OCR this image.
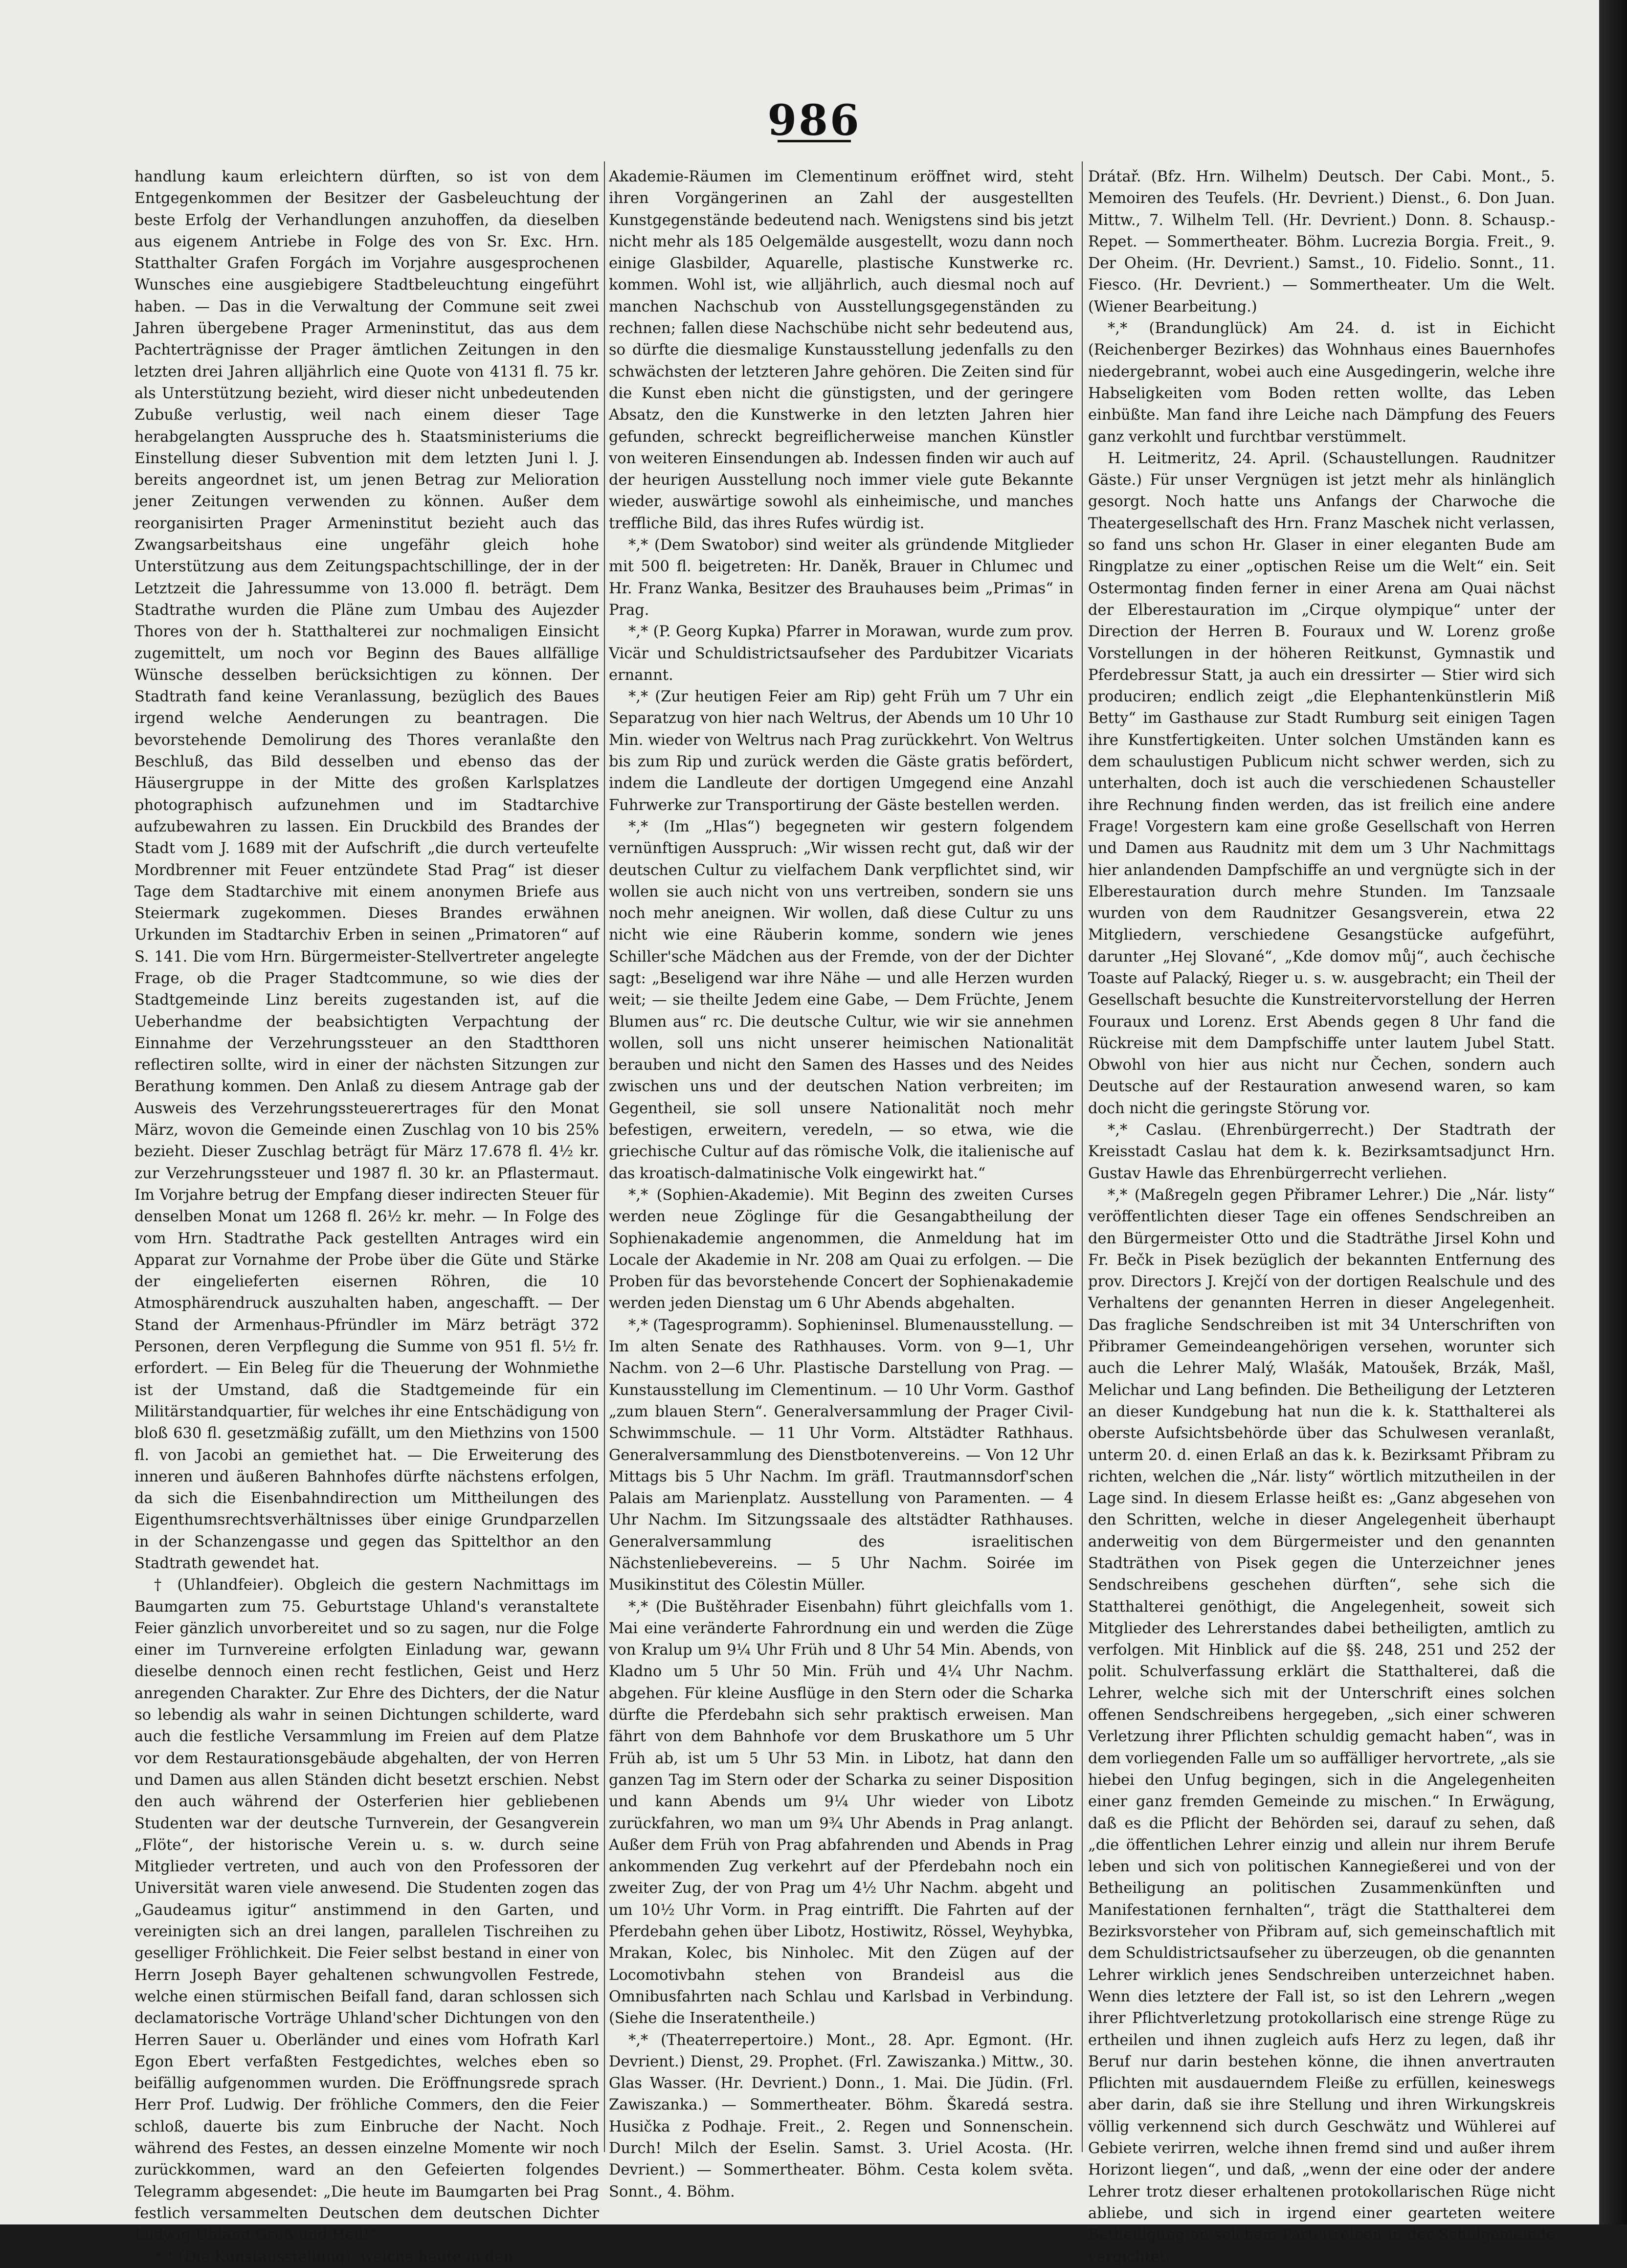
986

handlung kaum erleichtern dürften, so ist von dem Entgegenkommen der Besitzer der Gasbeleuchtung der beste Erfolg der Verhandlungen anzuhoffen, da dieselben aus eigenem Antriebe in Folge des von Sr. Exc. Hrn. Statthalter Grafen Forgách im Vorjahre ausgesprochenen Wunsches eine ausgiebigere Stadtbeleuchtung eingeführt haben. — Das in die Verwaltung der Commune seit zwei Jahren übergebene Prager Armeninstitut, das aus dem Pachterträgnisse der Prager ämtlichen Zeitungen in den letzten drei Jahren alljährlich eine Quote von 4131 fl. 75 kr. als Unterstützung bezieht, wird dieser nicht unbedeutenden Zubuße verlustig, weil nach einem dieser Tage herabgelangten Ausspruche des h. Staatsministeriums die Einstellung dieser Subvention mit dem letzten Juni l. J. bereits angeordnet ist, um jenen Betrag zur Melioration jener Zeitungen verwenden zu können. Außer dem reorganisirten Prager Armeninstitut bezieht auch das Zwangsarbeitshaus eine ungefähr gleich hohe Unterstützung aus dem Zeitungspachtschillinge, der in der Letztzeit die Jahressumme von 13.000 fl. beträgt. Dem Stadtrathe wurden die Pläne zum Umbau des Aujezder Thores von der h. Statthalterei zur nochmaligen Einsicht zugemittelt, um noch vor Beginn des Baues allfällige Wünsche desselben berücksichtigen zu können. Der Stadtrath fand keine Veranlassung, bezüglich des Baues irgend welche Aenderungen zu beantragen. Die bevorstehende Demolirung des Thores veranlaßte den Beschluß, das Bild desselben und ebenso das der Häusergruppe in der Mitte des großen Karlsplatzes photographisch aufzunehmen und im Stadtarchive aufzubewahren zu lassen. Ein Druckbild des Brandes der Stadt vom J. 1689 mit der Aufschrift „die durch verteufelte Mordbrenner mit Feuer entzündete Stad Prag“ ist dieser Tage dem Stadtarchive mit einem anonymen Briefe aus Steiermark zugekommen. Dieses Brandes erwähnen Urkunden im Stadtarchiv Erben in seinen „Primatoren“ auf S. 141. Die vom Hrn. Bürgermeister-Stellvertreter angelegte Frage, ob die Prager Stadtcommune, so wie dies der Stadtgemeinde Linz bereits zugestanden ist, auf die Ueberhandme der beabsichtigten Verpachtung der Einnahme der Verzehrungssteuer an den Stadtthoren reflectiren sollte, wird in einer der nächsten Sitzungen zur Berathung kommen. Den Anlaß zu diesem Antrage gab der Ausweis des Verzehrungssteuerertrages für den Monat März, wovon die Gemeinde einen Zuschlag von 10 bis 25% bezieht. Dieser Zuschlag beträgt für März 17.678 fl. 4½ kr. zur Verzehrungssteuer und 1987 fl. 30 kr. an Pflastermaut. Im Vorjahre betrug der Empfang dieser indirecten Steuer für denselben Monat um 1268 fl. 26½ kr. mehr. — In Folge des vom Hrn. Stadtrathe Pack gestellten Antrages wird ein Apparat zur Vornahme der Probe über die Güte und Stärke der eingelieferten eisernen Röhren, die 10 Atmosphärendruck auszuhalten haben, angeschafft. — Der Stand der Armenhaus-Pfründler im März beträgt 372 Personen, deren Verpflegung die Summe von 951 fl. 5½ fr. erfordert. — Ein Beleg für die Theuerung der Wohnmiethe ist der Umstand, daß die Stadtgemeinde für ein Militärstandquartier, für welches ihr eine Entschädigung von bloß 630 fl. gesetzmäßig zufällt, um den Miethzins von 1500 fl. von Jacobi an gemiethet hat. — Die Erweiterung des inneren und äußeren Bahnhofes dürfte nächstens erfolgen, da sich die Eisenbahndirection um Mittheilungen des Eigenthumsrechtsverhältnisses über einige Grundparzellen in der Schanzengasse und gegen das Spittelthor an den Stadtrath gewendet hat.

† (Uhlandfeier). Obgleich die gestern Nachmittags im Baumgarten zum 75. Geburtstage Uhland's veranstaltete Feier gänzlich unvorbereitet und so zu sagen, nur die Folge einer im Turnvereine erfolgten Einladung war, gewann dieselbe dennoch einen recht festlichen, Geist und Herz anregenden Charakter. Zur Ehre des Dichters, der die Natur so lebendig als wahr in seinen Dichtungen schilderte, ward auch die festliche Versammlung im Freien auf dem Platze vor dem Restaurationsgebäude abgehalten, der von Herren und Damen aus allen Ständen dicht besetzt erschien. Nebst den auch während der Osterferien hier gebliebenen Studenten war der deutsche Turnverein, der Gesangverein „Flöte“, der historische Verein u. s. w. durch seine Mitglieder vertreten, und auch von den Professoren der Universität waren viele anwesend. Die Studenten zogen das „Gaudeamus igitur“ anstimmend in den Garten, und vereinigten sich an drei langen, parallelen Tischreihen zu geselliger Fröhlichkeit. Die Feier selbst bestand in einer von Herrn Joseph Bayer gehaltenen schwungvollen Festrede, welche einen stürmischen Beifall fand, daran schlossen sich declamatorische Vorträge Uhland'scher Dichtungen von den Herren Sauer u. Oberländer und eines vom Hofrath Karl Egon Ebert verfaßten Festgedichtes, welches eben so beifällig aufgenommen wurden. Die Eröffnungsrede sprach Herr Prof. Ludwig. Der fröhliche Commers, den die Feier schloß, dauerte bis zum Einbruche der Nacht. Noch während des Festes, an dessen einzelne Momente wir noch zurückkommen, ward an den Gefeierten folgendes Telegramm abgesendet: „Die heute im Baumgarten bei Prag festlich versammelten Deutschen dem deutschen Dichter Ludwig Uhland Gruß und Heil!“

*,* (Die Kunstausstellung), welche heute in den

Akademie-Räumen im Clementinum eröffnet wird, steht ihren Vorgängerinen an Zahl der ausgestellten Kunstgegenstände bedeutend nach. Wenigstens sind bis jetzt nicht mehr als 185 Oelgemälde ausgestellt, wozu dann noch einige Glasbilder, Aquarelle, plastische Kunstwerke rc. kommen. Wohl ist, wie alljährlich, auch diesmal noch auf manchen Nachschub von Ausstellungsgegenständen zu rechnen; fallen diese Nachschübe nicht sehr bedeutend aus, so dürfte die diesmalige Kunstausstellung jedenfalls zu den schwächsten der letzteren Jahre gehören. Die Zeiten sind für die Kunst eben nicht die günstigsten, und der geringere Absatz, den die Kunstwerke in den letzten Jahren hier gefunden, schreckt begreiflicherweise manchen Künstler von weiteren Einsendungen ab. Indessen finden wir auch auf der heurigen Ausstellung noch immer viele gute Bekannte wieder, auswärtige sowohl als einheimische, und manches treffliche Bild, das ihres Rufes würdig ist.

*,* (Dem Swatobor) sind weiter als gründende Mitglieder mit 500 fl. beigetreten: Hr. Daněk, Brauer in Chlumec und Hr. Franz Wanka, Besitzer des Brauhauses beim „Primas“ in Prag.

*,* (P. Georg Kupka) Pfarrer in Morawan, wurde zum prov. Vicär und Schuldistrictsaufseher des Pardubitzer Vicariats ernannt.

*,* (Zur heutigen Feier am Rip) geht Früh um 7 Uhr ein Separatzug von hier nach Weltrus, der Abends um 10 Uhr 10 Min. wieder von Weltrus nach Prag zurückkehrt. Von Weltrus bis zum Rip und zurück werden die Gäste gratis befördert, indem die Landleute der dortigen Umgegend eine Anzahl Fuhrwerke zur Transportirung der Gäste bestellen werden.

*,* (Im „Hlas“) begegneten wir gestern folgendem vernünftigen Ausspruch: „Wir wissen recht gut, daß wir der deutschen Cultur zu vielfachem Dank verpflichtet sind, wir wollen sie auch nicht von uns vertreiben, sondern sie uns noch mehr aneignen. Wir wollen, daß diese Cultur zu uns nicht wie eine Räuberin komme, sondern wie jenes Schiller'sche Mädchen aus der Fremde, von der der Dichter sagt: „Beseligend war ihre Nähe — und alle Herzen wurden weit; — sie theilte Jedem eine Gabe, — Dem Früchte, Jenem Blumen aus“ rc. Die deutsche Cultur, wie wir sie annehmen wollen, soll uns nicht unserer heimischen Nationalität berauben und nicht den Samen des Hasses und des Neides zwischen uns und der deutschen Nation verbreiten; im Gegentheil, sie soll unsere Nationalität noch mehr befestigen, erweitern, veredeln, — so etwa, wie die griechische Cultur auf das römische Volk, die italienische auf das kroatisch-dalmatinische Volk eingewirkt hat.“

*,* (Sophien-Akademie). Mit Beginn des zweiten Curses werden neue Zöglinge für die Gesangabtheilung der Sophienakademie angenommen, die Anmeldung hat im Locale der Akademie in Nr. 208 am Quai zu erfolgen. — Die Proben für das bevorstehende Concert der Sophienakademie werden jeden Dienstag um 6 Uhr Abends abgehalten.

*,* (Tagesprogramm). Sophieninsel. Blumenausstellung. — Im alten Senate des Rathhauses. Vorm. von 9—1, Uhr Nachm. von 2—6 Uhr. Plastische Darstellung von Prag. — Kunstausstellung im Clementinum. — 10 Uhr Vorm. Gasthof „zum blauen Stern“. Generalversammlung der Prager Civil-Schwimmschule. — 11 Uhr Vorm. Altstädter Rathhaus. Generalversammlung des Dienstbotenvereins. — Von 12 Uhr Mittags bis 5 Uhr Nachm. Im gräfl. Trautmannsdorf'schen Palais am Marienplatz. Ausstellung von Paramenten. — 4 Uhr Nachm. Im Sitzungssaale des altstädter Rathhauses. Generalversammlung des israelitischen Nächstenliebevereins. — 5 Uhr Nachm. Soirée im Musikinstitut des Cölestin Müller.

*,* (Die Buštěhrader Eisenbahn) führt gleichfalls vom 1. Mai eine veränderte Fahrordnung ein und werden die Züge von Kralup um 9¼ Uhr Früh und 8 Uhr 54 Min. Abends, von Kladno um 5 Uhr 50 Min. Früh und 4¼ Uhr Nachm. abgehen. Für kleine Ausflüge in den Stern oder die Scharka dürfte die Pferdebahn sich sehr praktisch erweisen. Man fährt von dem Bahnhofe vor dem Bruskathore um 5 Uhr Früh ab, ist um 5 Uhr 53 Min. in Libotz, hat dann den ganzen Tag im Stern oder der Scharka zu seiner Disposition und kann Abends um 9¼ Uhr wieder von Libotz zurückfahren, wo man um 9¾ Uhr Abends in Prag anlangt. Außer dem Früh von Prag abfahrenden und Abends in Prag ankommenden Zug verkehrt auf der Pferdebahn noch ein zweiter Zug, der von Prag um 4½ Uhr Nachm. abgeht und um 10½ Uhr Vorm. in Prag eintrifft. Die Fahrten auf der Pferdebahn gehen über Libotz, Hostiwitz, Rössel, Weyhybka, Mrakan, Kolec, bis Ninholec. Mit den Zügen auf der Locomotivbahn stehen von Brandeisl aus die Omnibusfahrten nach Schlau und Karlsbad in Verbindung. (Siehe die Inseratentheile.)

*,* (Theaterrepertoire.) Mont., 28. Apr. Egmont. (Hr. Devrient.) Dienst, 29. Prophet. (Frl. Zawiszanka.) Mittw., 30. Glas Wasser. (Hr. Devrient.) Donn., 1. Mai. Die Jüdin. (Frl. Zawiszanka.) — Sommertheater. Böhm. Škaredá sestra. Husička z Podhaje. Freit., 2. Regen und Sonnenschein. Durch! Milch der Eselin. Samst. 3. Uriel Acosta. (Hr. Devrient.) — Sommertheater. Böhm. Cesta kolem světa. Sonnt., 4. Böhm.

Drátař. (Bfz. Hrn. Wilhelm) Deutsch. Der Cabi. Mont., 5. Memoiren des Teufels. (Hr. Devrient.) Dienst., 6. Don Juan. Mittw., 7. Wilhelm Tell. (Hr. Devrient.) Donn. 8. Schausp.-Repet. — Sommertheater. Böhm. Lucrezia Borgia. Freit., 9. Der Oheim. (Hr. Devrient.) Samst., 10. Fidelio. Sonnt., 11. Fiesco. (Hr. Devrient.) — Sommertheater. Um die Welt. (Wiener Bearbeitung.)

*,* (Brandunglück) Am 24. d. ist in Eichicht (Reichenberger Bezirkes) das Wohnhaus eines Bauernhofes niedergebrannt, wobei auch eine Ausgedingerin, welche ihre Habseligkeiten vom Boden retten wollte, das Leben einbüßte. Man fand ihre Leiche nach Dämpfung des Feuers ganz verkohlt und furchtbar verstümmelt.

H. Leitmeritz, 24. April. (Schaustellungen. Raudnitzer Gäste.) Für unser Vergnügen ist jetzt mehr als hinlänglich gesorgt. Noch hatte uns Anfangs der Charwoche die Theatergesellschaft des Hrn. Franz Maschek nicht verlassen, so fand uns schon Hr. Glaser in einer eleganten Bude am Ringplatze zu einer „optischen Reise um die Welt“ ein. Seit Ostermontag finden ferner in einer Arena am Quai nächst der Elberestauration im „Cirque olympique“ unter der Direction der Herren B. Fouraux und W. Lorenz große Vorstellungen in der höheren Reitkunst, Gymnastik und Pferdebressur Statt, ja auch ein dressirter — Stier wird sich produciren; endlich zeigt „die Elephantenkünstlerin Miß Betty“ im Gasthause zur Stadt Rumburg seit einigen Tagen ihre Kunstfertigkeiten. Unter solchen Umständen kann es dem schaulustigen Publicum nicht schwer werden, sich zu unterhalten, doch ist auch die verschiedenen Schausteller ihre Rechnung finden werden, das ist freilich eine andere Frage! Vorgestern kam eine große Gesellschaft von Herren und Damen aus Raudnitz mit dem um 3 Uhr Nachmittags hier anlandenden Dampfschiffe an und vergnügte sich in der Elberestauration durch mehre Stunden. Im Tanzsaale wurden von dem Raudnitzer Gesangsverein, etwa 22 Mitgliedern, verschiedene Gesangstücke aufgeführt, darunter „Hej Slované“, „Kde domov můj“, auch čechische Toaste auf Palacký, Rieger u. s. w. ausgebracht; ein Theil der Gesellschaft besuchte die Kunstreitervorstellung der Herren Fouraux und Lorenz. Erst Abends gegen 8 Uhr fand die Rückreise mit dem Dampfschiffe unter lautem Jubel Statt. Obwohl von hier aus nicht nur Čechen, sondern auch Deutsche auf der Restauration anwesend waren, so kam doch nicht die geringste Störung vor.

*,* Caslau. (Ehrenbürgerrecht.) Der Stadtrath der Kreisstadt Caslau hat dem k. k. Bezirksamtsadjunct Hrn. Gustav Hawle das Ehrenbürgerrecht verliehen.

*,* (Maßregeln gegen Přibramer Lehrer.) Die „Nár. listy“ veröffentlichten dieser Tage ein offenes Sendschreiben an den Bürgermeister Otto und die Stadträthe Jirsel Kohn und Fr. Bečk in Pisek bezüglich der bekannten Entfernung des prov. Directors J. Krejčí von der dortigen Realschule und des Verhaltens der genannten Herren in dieser Angelegenheit. Das fragliche Sendschreiben ist mit 34 Unterschriften von Přibramer Gemeindeangehörigen versehen, worunter sich auch die Lehrer Malý, Wlašák, Matoušek, Brzák, Mašl, Melichar und Lang befinden. Die Betheiligung der Letzteren an dieser Kundgebung hat nun die k. k. Statthalterei als oberste Aufsichtsbehörde über das Schulwesen veranlaßt, unterm 20. d. einen Erlaß an das k. k. Bezirksamt Přibram zu richten, welchen die „Nár. listy“ wörtlich mitzutheilen in der Lage sind. In diesem Erlasse heißt es: „Ganz abgesehen von den Schritten, welche in dieser Angelegenheit überhaupt anderweitig von dem Bürgermeister und den genannten Stadträthen von Pisek gegen die Unterzeichner jenes Sendschreibens geschehen dürften“, sehe sich die Statthalterei genöthigt, die Angelegenheit, soweit sich Mitglieder des Lehrerstandes dabei betheiligten, amtlich zu verfolgen. Mit Hinblick auf die §§. 248, 251 und 252 der polit. Schulverfassung erklärt die Statthalterei, daß die Lehrer, welche sich mit der Unterschrift eines solchen offenen Sendschreibens hergegeben, „sich einer schweren Verletzung ihrer Pflichten schuldig gemacht haben“, was in dem vorliegenden Falle um so auffälliger hervortrete, „als sie hiebei den Unfug begingen, sich in die Angelegenheiten einer ganz fremden Gemeinde zu mischen.“ In Erwägung, daß es die Pflicht der Behörden sei, darauf zu sehen, daß „die öffentlichen Lehrer einzig und allein nur ihrem Berufe leben und sich von politischen Kannegießerei und von der Betheiligung an politischen Zusammenkünften und Manifestationen fernhalten“, trägt die Statthalterei dem Bezirksvorsteher von Přibram auf, sich gemeinschaftlich mit dem Schuldistrictsaufseher zu überzeugen, ob die genannten Lehrer wirklich jenes Sendschreiben unterzeichnet haben. Wenn dies letztere der Fall ist, so ist den Lehrern „wegen ihrer Pflichtverletzung protokollarisch eine strenge Rüge zu ertheilen und ihnen zugleich aufs Herz zu legen, daß ihr Beruf nur darin bestehen könne, die ihnen anvertrauten Pflichten mit ausdauerndem Fleiße zu erfüllen, keineswegs aber darin, daß sie ihre Stellung und ihren Wirkungskreis völlig verkennend sich durch Geschwätz und Wühlerei auf Gebiete verirren, welche ihnen fremd sind und außer ihrem Horizont liegen“, und daß, „wenn der eine oder der andere Lehrer trotz dieser erhaltenen protokollarischen Rüge nicht abliebe, und sich in irgend einer gearteten weitere Betheiligung an solchem Parteitreiben in der Schulgemeinde vergichtet,
